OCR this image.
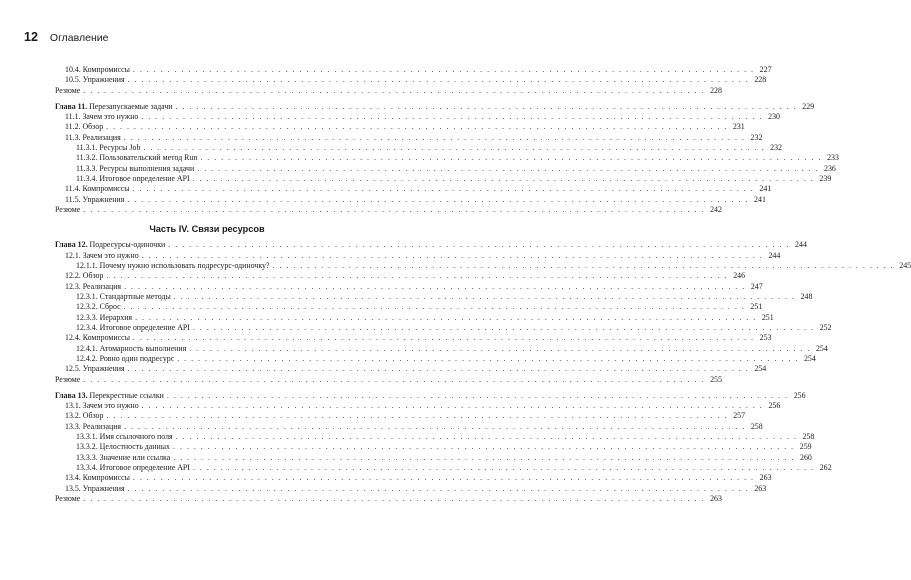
12 Оглавление
10.4. Компромиссы . . .	227
10.5. Упражнения . . .	228
Резюме . . .	228
Глава 11. Перезапускаемые задачи . . .	229
11.1. Зачем это нужно . . .	230
11.2. Обзор . . .	231
11.3. Реализация . . .	232
11.3.1. Ресурсы Job . . .	232
11.3.2. Пользовательский метод Run . . .	233
11.3.3. Ресурсы выполнения задачи . . .	236
11.3.4. Итоговое определение API . . .	239
11.4. Компромиссы . . .	241
11.5. Упражнения . . .	241
Резюме . . .	242
Часть IV. Связи ресурсов
Глава 12. Подресурсы-одиночки . . .	244
12.1. Зачем это нужно . . .	244
12.1.1. Почему нужно использовать подресурс-одиночку? . . .	245
12.2. Обзор . . .	246
12.3. Реализация . . .	247
12.3.1. Стандартные методы . . .	248
12.3.2. Сброс . . .	251
12.3.3. Иерархия . . .	251
12.3.4. Итоговое определение API . . .	252
12.4. Компромиссы . . .	253
12.4.1. Атомарность выполнения . . .	254
12.4.2. Ровно один подресурс . . .	254
12.5. Упражнения . . .	254
Резюме . . .	255
Глава 13. Перекрестные ссылки . . .	256
13.1. Зачем это нужно . . .	256
13.2. Обзор . . .	257
13.3. Реализация . . .	258
13.3.1. Имя ссылочного поля . . .	258
13.3.2. Целостность данных . . .	259
13.3.3. Значение или ссылка . . .	260
13.3.4. Итоговое определение API . . .	262
13.4. Компромиссы . . .	263
13.5. Упражнения . . .	263
Резюме . . .	263
